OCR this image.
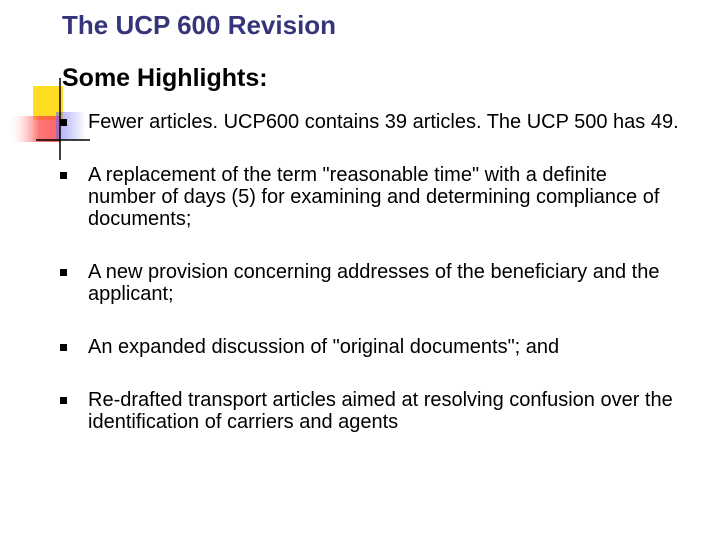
The UCP 600 Revision
Some Highlights:
Fewer articles. UCP600 contains 39 articles. The UCP 500 has 49.
A replacement of the term "reasonable time" with a definite number of days (5) for examining and determining compliance of documents;
A new provision concerning addresses of the beneficiary and the applicant;
An expanded discussion of "original documents"; and
Re-drafted transport articles aimed at resolving confusion over the identification of carriers and agents
